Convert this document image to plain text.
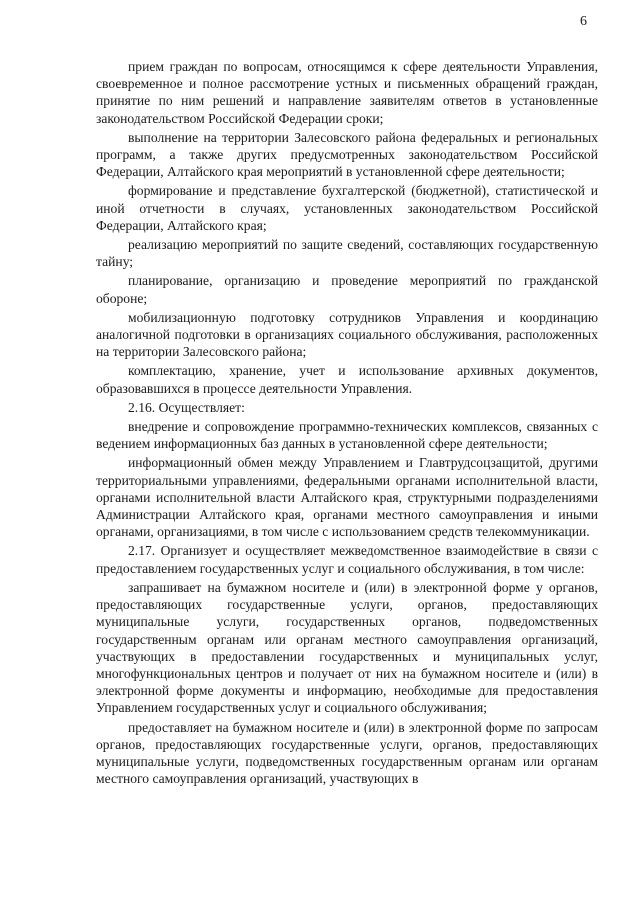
6

прием граждан по вопросам, относящимся к сфере деятельности Управления, своевременное и полное рассмотрение устных и письменных обращений граждан, принятие по ним решений и направление заявителям ответов в установленные законодательством Российской Федерации сроки;

выполнение на территории Залесовского района федеральных и региональных программ, а также других предусмотренных законодательством Российской Федерации, Алтайского края мероприятий в установленной сфере деятельности;

формирование и представление бухгалтерской (бюджетной), статистической и иной отчетности в случаях, установленных законодательством Российской Федерации, Алтайского края;

реализацию мероприятий по защите сведений, составляющих государственную тайну;

планирование, организацию и проведение мероприятий по гражданской обороне;

мобилизационную подготовку сотрудников Управления и координацию аналогичной подготовки в организациях социального обслуживания, расположенных на территории Залесовского района;

комплектацию, хранение, учет и использование архивных документов, образовавшихся в процессе деятельности Управления.

2.16. Осуществляет:

внедрение и сопровождение программно-технических комплексов, связанных с ведением информационных баз данных в установленной сфере деятельности;

информационный обмен между Управлением и Главтрудсоцзащитой, другими территориальными управлениями, федеральными органами исполнительной власти, органами исполнительной власти Алтайского края, структурными подразделениями Администрации Алтайского края, органами местного самоуправления и иными органами, организациями, в том числе с использованием средств телекоммуникации.

2.17. Организует и осуществляет межведомственное взаимодействие в связи с предоставлением государственных услуг и социального обслуживания, в том числе:

запрашивает на бумажном носителе и (или) в электронной форме у органов, предоставляющих государственные услуги, органов, предоставляющих муниципальные услуги, государственных органов, подведомственных государственным органам или органам местного самоуправления организаций, участвующих в предоставлении государственных и муниципальных услуг, многофункциональных центров и получает от них на бумажном носителе и (или) в электронной форме документы и информацию, необходимые для предоставления Управлением государственных услуг и социального обслуживания;

предоставляет на бумажном носителе и (или) в электронной форме по запросам органов, предоставляющих государственные услуги, органов, предоставляющих муниципальные услуги, подведомственных государственным органам или органам местного самоуправления организаций, участвующих в
